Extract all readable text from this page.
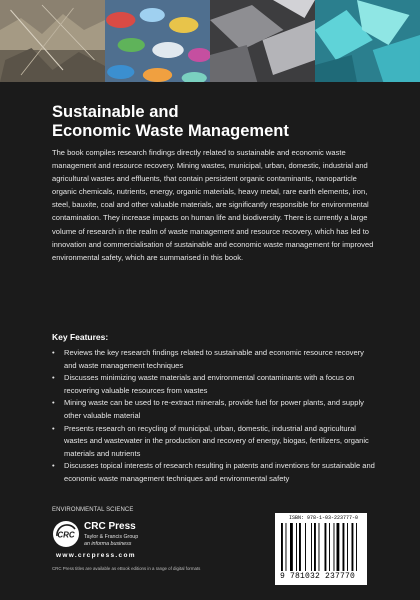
Sustainable and
Economic Waste Management

The book compiles research findings directly related to sustainable and economic waste management and resource recovery. Mining wastes, municipal, urban, domestic, industrial and agricultural wastes and effluents, that contain persistent organic contaminants, nanoparticle organic chemicals, nutrients, energy, organic materials, heavy metal, rare earth elements, iron, steel, bauxite, coal and other valuable materials, are significantly responsible for environmental contamination. They increase impacts on human life and biodiversity. There is currently a large volume of research in the realm of waste management and resource recovery, which has led to innovation and commercialisation of sustainable and economic waste management for improved environmental safety, which are summarised in this book.

Key Features:
• Reviews the key research findings related to sustainable and economic resource recovery and waste management techniques
• Discusses minimizing waste materials and environmental contaminants with a focus on recovering valuable resources from wastes
• Mining waste can be used to re-extract minerals, provide fuel for power plants, and supply other valuable material
• Presents research on recycling of municipal, urban, domestic, industrial and agricultural wastes and wastewater in the production and recovery of energy, biogas, fertilizers, organic materials and nutrients
• Discusses topical interests of research resulting in patents and inventions for sustainable and economic waste management techniques and environmental safety
ENVIRONMENTAL SCIENCE
CRC
CRC Press
Taylor & Francis Group
an informa business
www.crcpress.com
CRC Press titles are available as eBook editions in a range of digital formats
ISBN: 978-1-03-223777-0
9 781032 237770
